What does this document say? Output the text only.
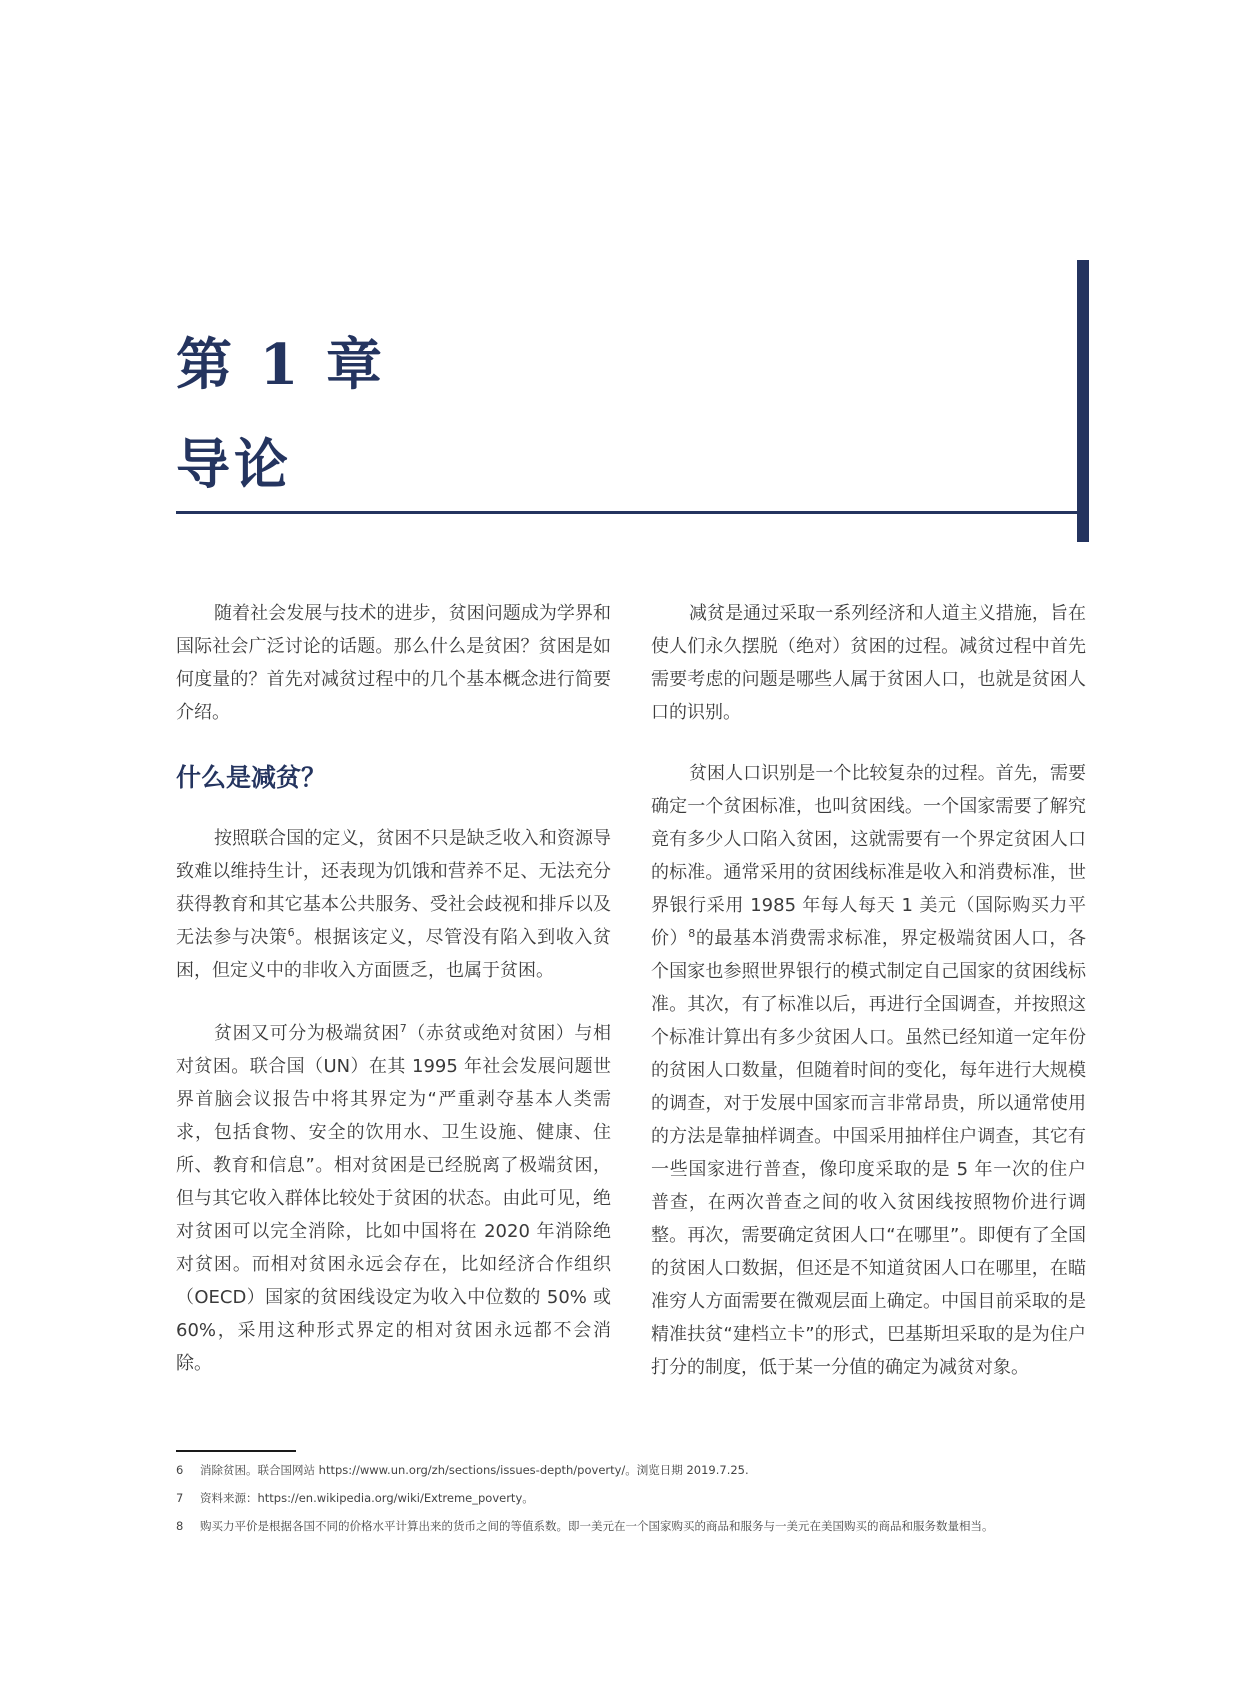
第 1 章
导论

随着社会发展与技术的进步，贫困问题成为学界和国际社会广泛讨论的话题。那么什么是贫困？贫困是如何度量的？首先对减贫过程中的几个基本概念进行简要介绍。

什么是减贫？

按照联合国的定义，贫困不只是缺乏收入和资源导致难以维持生计，还表现为饥饿和营养不足、无法充分获得教育和其它基本公共服务、受社会歧视和排斥以及无法参与决策$^6$。根据该定义，尽管没有陷入到收入贫困，但定义中的非收入方面匮乏，也属于贫困。

贫困又可分为极端贫困$^7$（赤贫或绝对贫困）与相对贫困。联合国（UN）在其 1995 年社会发展问题世界首脑会议报告中将其界定为“严重剥夺基本人类需求，包括食物、安全的饮用水、卫生设施、健康、住所、教育和信息”。相对贫困是已经脱离了极端贫困，但与其它收入群体比较处于贫困的状态。由此可见，绝对贫困可以完全消除，比如中国将在 2020 年消除绝对贫困。而相对贫困永远会存在，比如经济合作组织（OECD）国家的贫困线设定为收入中位数的 50% 或 60%，采用这种形式界定的相对贫困永远都不会消除。

减贫是通过采取一系列经济和人道主义措施，旨在使人们永久摆脱（绝对）贫困的过程。减贫过程中首先需要考虑的问题是哪些人属于贫困人口，也就是贫困人口的识别。

贫困人口识别是一个比较复杂的过程。首先，需要确定一个贫困标准，也叫贫困线。一个国家需要了解究竟有多少人口陷入贫困，这就需要有一个界定贫困人口的标准。通常采用的贫困线标准是收入和消费标准，世界银行采用 1985 年每人每天 1 美元（国际购买力平价）$^8$的最基本消费需求标准，界定极端贫困人口，各个国家也参照世界银行的模式制定自己国家的贫困线标准。其次，有了标准以后，再进行全国调查，并按照这个标准计算出有多少贫困人口。虽然已经知道一定年份的贫困人口数量，但随着时间的变化，每年进行大规模的调查，对于发展中国家而言非常昂贵，所以通常使用的方法是靠抽样调查。中国采用抽样住户调查，其它有一些国家进行普查，像印度采取的是 5 年一次的住户普查，在两次普查之间的收入贫困线按照物价进行调整。再次，需要确定贫困人口“在哪里”。即便有了全国的贫困人口数据，但还是不知道贫困人口在哪里，在瞄准穷人方面需要在微观层面上确定。中国目前采取的是精准扶贫“建档立卡”的形式，巴基斯坦采取的是为住户打分的制度，低于某一分值的确定为减贫对象。

6	消除贫困。联合国网站 https://www.un.org/zh/sections/issues-depth/poverty/。浏览日期 2019.7.25.
7	资料来源：https://en.wikipedia.org/wiki/Extreme_poverty。
8	购买力平价是根据各国不同的价格水平计算出来的货币之间的等值系数。即一美元在一个国家购买的商品和服务与一美元在美国购买的商品和服务数量相当。
